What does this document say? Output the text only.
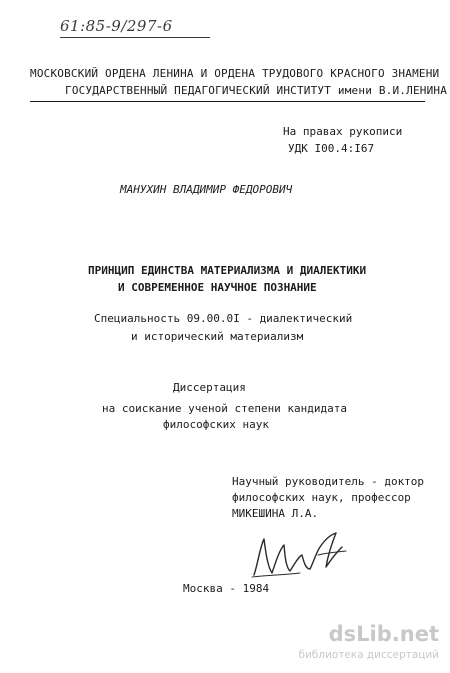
61:85-9/297-6
МОСКОВСКИЙ ОРДЕНА ЛЕНИНА И ОРДЕНА ТРУДОВОГО КРАСНОГО ЗНАМЕНИ
ГОСУДАРСТВЕННЫЙ ПЕДАГОГИЧЕСКИЙ ИНСТИТУТ имени В.И.ЛЕНИНА
На правах рукописи
УДК I00.4:I67
МАНУХИН ВЛАДИМИР ФЕДОРОВИЧ
ПРИНЦИП ЕДИНСТВА МАТЕРИАЛИЗМА И ДИАЛЕКТИКИ
И СОВРЕМЕННОЕ НАУЧНОЕ ПОЗНАНИЕ
Специальность 09.00.0I - диалектический
и исторический материализм
Диссертация
на соискание ученой степени кандидата
философских наук
Научный руководитель - доктор
философских наук, профессор
МИКЕШИНА Л.А.
Москва - 1984
dsLib.net
библиотека диссертаций
